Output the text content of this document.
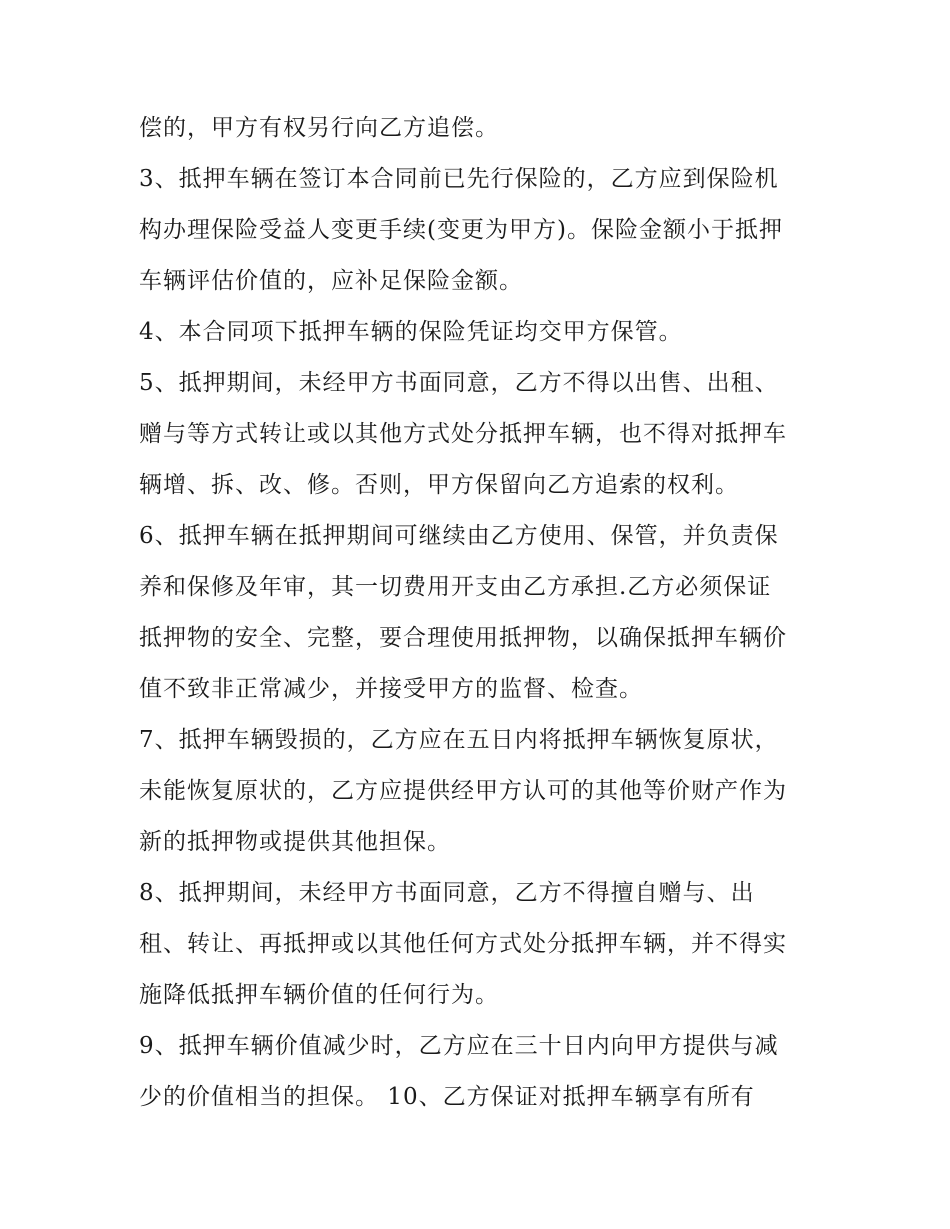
偿的，甲方有权另行向乙方追偿。
3、抵押车辆在签订本合同前已先行保险的，乙方应到保险机
构办理保险受益人变更手续(变更为甲方)。保险金额小于抵押
车辆评估价值的，应补足保险金额。
4、本合同项下抵押车辆的保险凭证均交甲方保管。
5、抵押期间，未经甲方书面同意，乙方不得以出售、出租、
赠与等方式转让或以其他方式处分抵押车辆，也不得对抵押车
辆增、拆、改、修。否则，甲方保留向乙方追索的权利。
6、抵押车辆在抵押期间可继续由乙方使用、保管，并负责保
养和保修及年审，其一切费用开支由乙方承担.乙方必须保证
抵押物的安全、完整，要合理使用抵押物，以确保抵押车辆价
值不致非正常减少，并接受甲方的监督、检查。
7、抵押车辆毁损的，乙方应在五日内将抵押车辆恢复原状，
未能恢复原状的，乙方应提供经甲方认可的其他等价财产作为
新的抵押物或提供其他担保。
8、抵押期间，未经甲方书面同意，乙方不得擅自赠与、出
租、转让、再抵押或以其他任何方式处分抵押车辆，并不得实
施降低抵押车辆价值的任何行为。
9、抵押车辆价值减少时，乙方应在三十日内向甲方提供与减
少的价值相当的担保。 10、乙方保证对抵押车辆享有所有
